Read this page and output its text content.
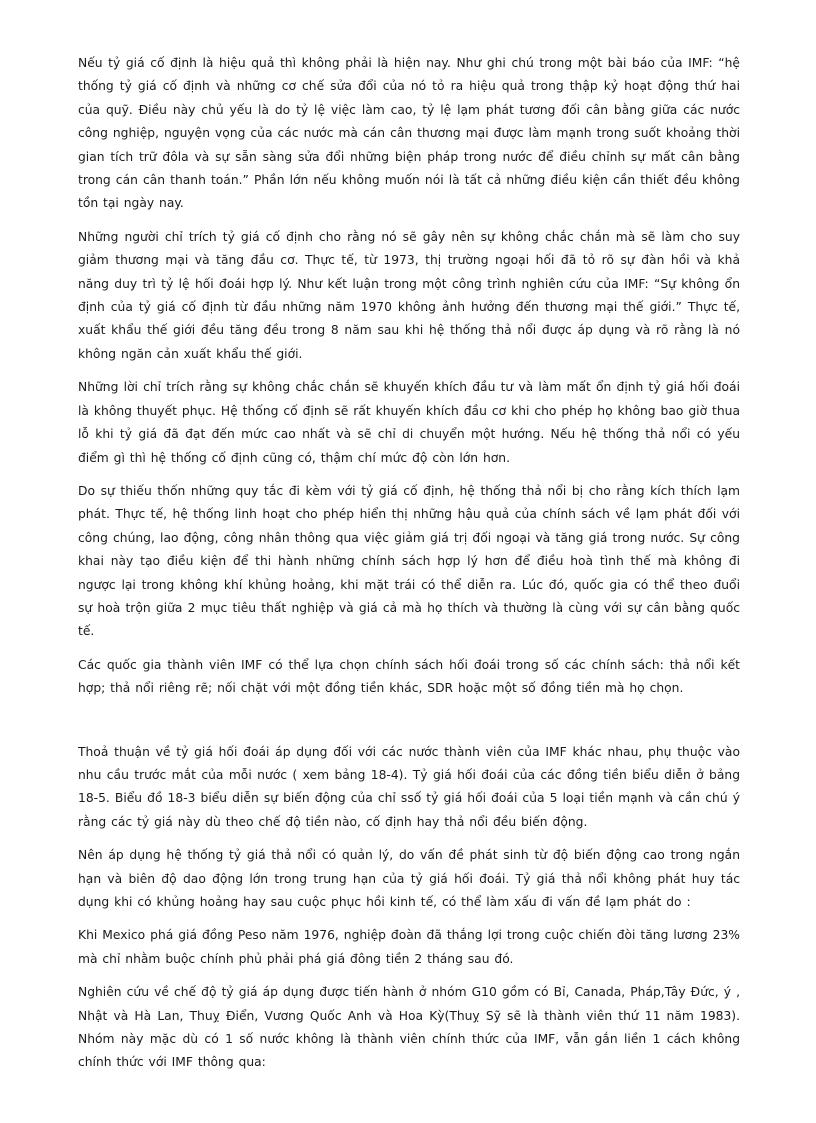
Nếu tỷ giá cố định là hiệu quả thì không phải là hiện nay. Như ghi chú trong một bài báo của IMF: “hệ thống tỷ giá cố định và những cơ chế sửa đổi của nó tỏ ra hiệu quả trong thập kỷ hoạt động thứ hai của quỹ. Điều này chủ yếu là do tỷ lệ việc làm cao, tỷ lệ lạm phát tương đối cân bằng giữa các nước công nghiệp, nguyện vọng của các nước mà cán cân thương mại được làm mạnh trong suốt khoảng thời gian tích trữ đôla và sự sẵn sàng sửa đổi những biện pháp trong nước để điều chỉnh sự mất cân bằng trong cán cân thanh toán.” Phần lớn nếu không muốn nói là tất cả những điều kiện cần thiết đều không tồn tại ngày nay.

Những người chỉ trích tỷ giá cố định cho rằng nó sẽ gây nên sự không chắc chắn mà sẽ làm cho suy giảm thương mại và tăng đầu cơ. Thực tế, từ 1973, thị trường ngoại hối đã tỏ rõ sự đàn hồi và khả năng duy trì tỷ lệ hối đoái hợp lý. Như kết luận trong một công trình nghiên cứu của IMF: “Sự không ổn định của tỷ giá cố định từ đầu những năm 1970 không ảnh hưởng đến thương mại thế giới.” Thực tế, xuất khẩu thế giới đều tăng đều trong 8 năm sau khi hệ thống thả nổi được áp dụng và rõ rằng là nó không ngăn cản xuất khẩu thế giới.

Những lời chỉ trích rằng sự không chắc chắn sẽ khuyến khích đầu tư và làm mất ổn định tỷ giá hối đoái là không thuyết phục. Hệ thống cố định sẽ rất khuyến khích đầu cơ khi cho phép họ không bao giờ thua lỗ khi tỷ giá đã đạt đến mức cao nhất và sẽ chỉ di chuyển một hướng. Nếu hệ thống thả nổi có yếu điểm gì thì hệ thống cố định cũng có, thậm chí mức độ còn lớn hơn.

Do sự thiếu thốn những quy tắc đi kèm với tỷ giá cố định, hệ thống thả nổi bị cho rằng kích thích lạm phát. Thực tế, hệ thống linh hoạt cho phép hiển thị những hậu quả của chính sách về lạm phát đối với công chúng, lao động, công nhân thông qua việc giảm giá trị đối ngoại và tăng giá trong nước. Sự công khai này tạo điều kiện để thi hành những chính sách hợp lý hơn để điều hoà tình thế mà không đi ngược lại trong không khí khủng hoảng, khi mặt trái có thể diễn ra. Lúc đó, quốc gia có thể theo đuổi sự hoà trộn giữa 2 mục tiêu thất nghiệp và giá cả mà họ thích và thường là cùng với sự cân bằng quốc tế.

Các quốc gia thành viên IMF có thể lựa chọn chính sách hối đoái trong số các chính sách: thả nổi kết hợp; thả nổi riêng rẽ; nối chặt với một đồng tiền khác, SDR hoặc một số đồng tiền mà họ chọn.

Thoả thuận về tỷ giá hối đoái áp dụng đối với các nước thành viên của IMF khác nhau, phụ thuộc vào nhu cầu trước mắt của mỗi nước ( xem bảng 18-4). Tỷ giá hối đoái của các đồng tiền biểu diễn ở bảng 18-5. Biểu đồ 18-3 biểu diễn sự biến động của chỉ ssố tỷ giá hối đoái của 5 loại tiền mạnh và cần chú ý rằng các tỷ giá này dù theo chế độ tiền nào, cố định hay thả nổi đều biến động.

Nên áp dụng hệ thống tỷ giá thả nổi có quản lý, do vấn đề phát sinh từ độ biến động cao trong ngắn hạn và biên độ dao động lớn trong trung hạn của tỷ giá hối đoái. Tỷ giá thả nổi không phát huy tác dụng khi có khủng hoảng hay sau cuộc phục hồi kinh tế, có thể làm xấu đi vấn đề lạm phát do :

Khi Mexico phá giá đồng Peso năm 1976, nghiệp đoàn đã thắng lợi trong cuộc chiến đòi tăng lương 23% mà chỉ nhằm buộc chính phủ phải phá giá đông tiền 2 tháng sau đó.

Nghiên cứu về chế độ tỷ giá áp dụng được tiến hành ở nhóm G10 gồm có Bỉ, Canada, Pháp,Tây Đức, ý , Nhật và Hà Lan, Thuỵ Điển, Vương Quốc Anh và Hoa Kỳ(Thuỵ Sỹ sẽ là thành viên thứ 11 năm 1983). Nhóm này mặc dù có 1 số nước không là thành viên chính thức của IMF, vẫn gắn liền 1 cách không chính thức với IMF thông qua:
